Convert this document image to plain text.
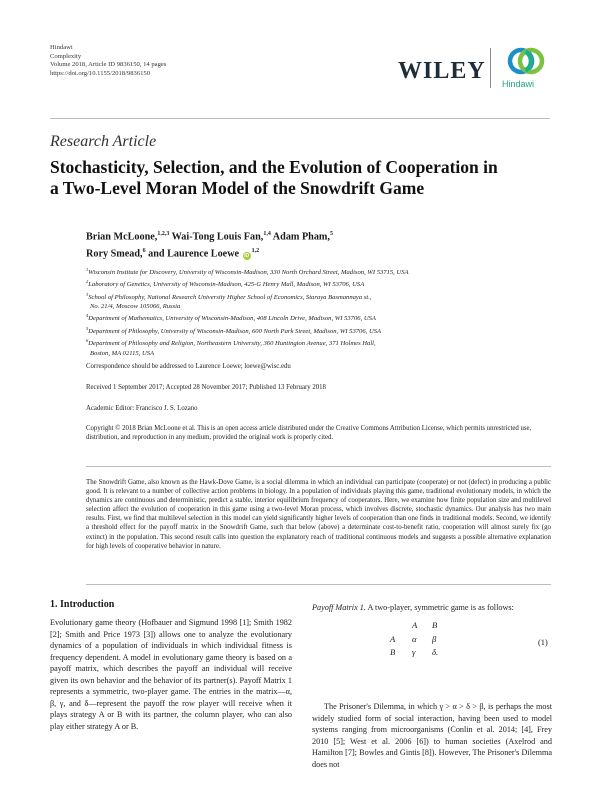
Hindawi
Complexity
Volume 2018, Article ID 9836150, 14 pages
https://doi.org/10.1155/2018/9836150	WILEY Hindawi
Research Article
Stochasticity, Selection, and the Evolution of Cooperation in
a Two-Level Moran Model of the Snowdrift Game
Brian McLoone,$^{1,2,3}$ Wai-Tong Louis Fan,$^{1,4}$ Adam Pham,$^5$
Rory Smead,$^6$ and Laurence Loewe iD$^{1,2}$
$^1$Wisconsin Institute for Discovery, University of Wisconsin-Madison, 330 North Orchard Street, Madison, WI 53715, USA
$^2$Laboratory of Genetics, University of Wisconsin-Madison, 425-G Henry Mall, Madison, WI 53706, USA
$^3$School of Philosophy, National Research University Higher School of Economics, Staraya Basmannaya st.,
No. 21/4, Moscow 105066, Russia
$^4$Department of Mathematics, University of Wisconsin-Madison, 408 Lincoln Drive, Madison, WI 53706, USA
$^5$Department of Philosophy, University of Wisconsin-Madison, 600 North Park Street, Madison, WI 53706, USA
$^6$Department of Philosophy and Religion, Northeastern University, 360 Huntington Avenue, 371 Holmes Hall,
Boston, MA 02115, USA
Correspondence should be addressed to Laurence Loewe; loewe@wisc.edu
Received 1 September 2017; Accepted 28 November 2017; Published 13 February 2018
Academic Editor: Francisco J. S. Lozano
Copyright © 2018 Brian McLoone et al. This is an open access article distributed under the Creative Commons Attribution License, which permits unrestricted use, distribution, and reproduction in any medium, provided the original work is properly cited.
The Snowdrift Game, also known as the Hawk-Dove Game, is a social dilemma in which an individual can participate (cooperate) or not (defect) in producing a public good. It is relevant to a number of collective action problems in biology. In a population of individuals playing this game, traditional evolutionary models, in which the dynamics are continuous and deterministic, predict a stable, interior equilibrium frequency of cooperators. Here, we examine how finite population size and multilevel selection affect the evolution of cooperation in this game using a two-level Moran process, which involves discrete, stochastic dynamics. Our analysis has two main results. First, we find that multilevel selection in this model can yield significantly higher levels of cooperation than one finds in traditional models. Second, we identify a threshold effect for the payoff matrix in the Snowdrift Game, such that below (above) a determinate cost-to-benefit ratio, cooperation will almost surely fix (go extinct) in the population. This second result calls into question the explanatory reach of traditional continuous models and suggests a possible alternative explanation for high levels of cooperative behavior in nature.
1. Introduction
Evolutionary game theory (Hofbauer and Sigmund 1998 [1]; Smith 1982 [2]; Smith and Price 1973 [3]) allows one to analyze the evolutionary dynamics of a population of individuals in which individual fitness is frequency dependent. A model in evolutionary game theory is based on a payoff matrix, which describes the payoff an individual will receive given its own behavior and the behavior of its partner(s). Payoff Matrix 1 represents a symmetric, two-player game. The entries in the matrix—α, β, γ, and δ—represent the payoff the row player will receive when it plays strategy A or B with its partner, the column player, who can also play either strategy A or B.
Payoff Matrix 1. A two-player, symmetric game is as follows:
A B
A α β
B γ δ.
(1)
The Prisoner's Dilemma, in which γ > α > δ > β, is perhaps the most widely studied form of social interaction, having been used to model systems ranging from microorganisms (Conlin et al. 2014; [4], Frey 2010 [5]; West et al. 2006 [6]) to human societies (Axelrod and Hamilton [7]; Bowles and Gintis [8]). However, The Prisoner's Dilemma does not
